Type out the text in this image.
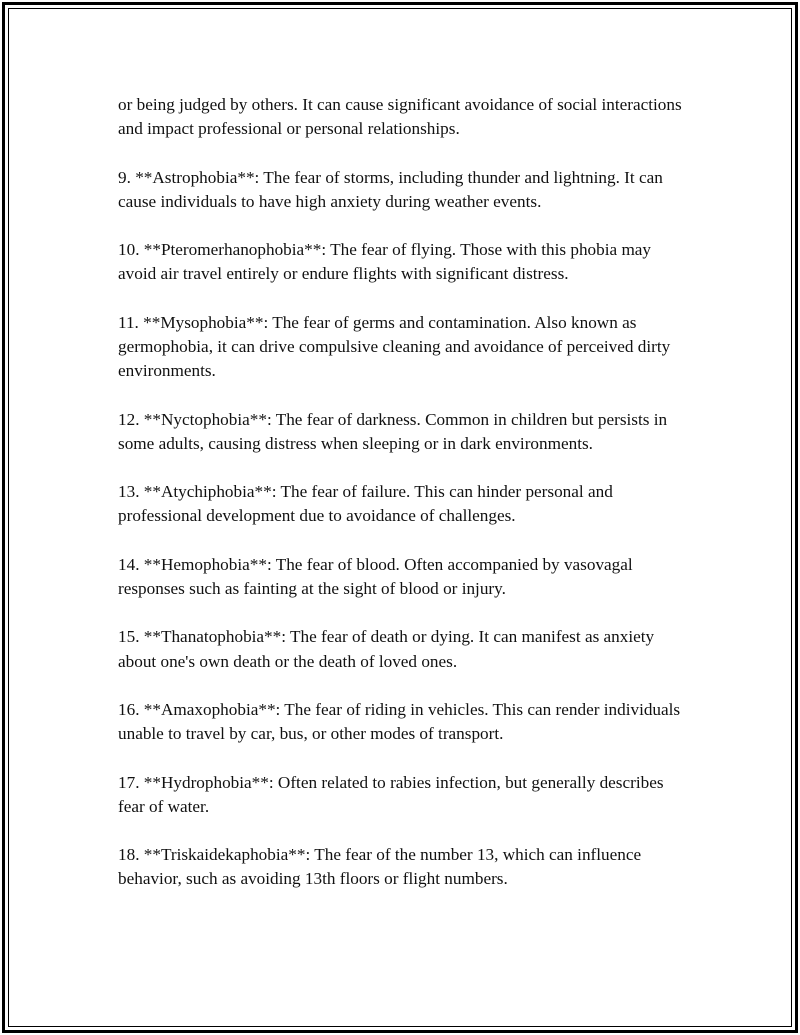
or being judged by others. It can cause significant avoidance of social interactions and impact professional or personal relationships.

9. **Astrophobia**: The fear of storms, including thunder and lightning. It can cause individuals to have high anxiety during weather events.

10. **Pteromerhanophobia**: The fear of flying. Those with this phobia may avoid air travel entirely or endure flights with significant distress.

11. **Mysophobia**: The fear of germs and contamination. Also known as germophobia, it can drive compulsive cleaning and avoidance of perceived dirty environments.

12. **Nyctophobia**: The fear of darkness. Common in children but persists in some adults, causing distress when sleeping or in dark environments.

13. **Atychiphobia**: The fear of failure. This can hinder personal and professional development due to avoidance of challenges.

14. **Hemophobia**: The fear of blood. Often accompanied by vasovagal responses such as fainting at the sight of blood or injury.

15. **Thanatophobia**: The fear of death or dying. It can manifest as anxiety about one's own death or the death of loved ones.

16. **Amaxophobia**: The fear of riding in vehicles. This can render individuals unable to travel by car, bus, or other modes of transport.

17. **Hydrophobia**: Often related to rabies infection, but generally describes fear of water.

18. **Triskaidekaphobia**: The fear of the number 13, which can influence behavior, such as avoiding 13th floors or flight numbers.
